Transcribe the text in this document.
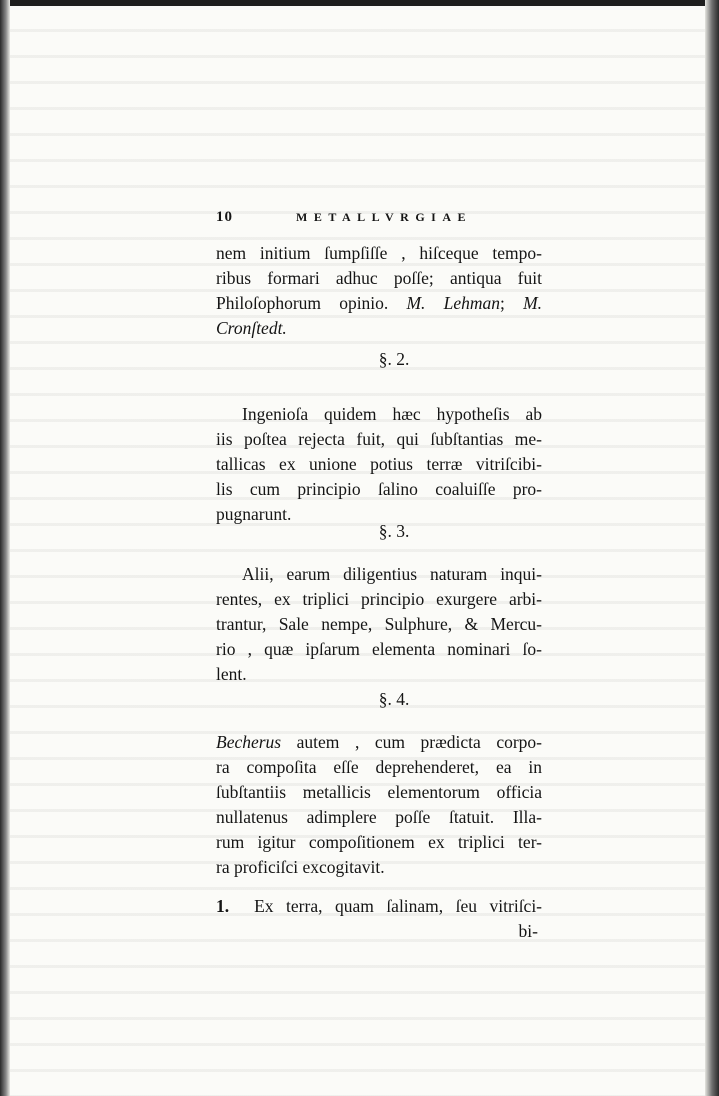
10	METALLVRGIAE
nem initium ſumpſiſſe , hiſceque tempo-
ribus formari adhuc poſſe; antiqua fuit
Philoſophorum opinio. M. Lehman; M.
Cronſtedt.
§. 2.
Ingenioſa quidem hæc hypotheſis ab
iis poſtea rejecta fuit, qui ſubſtantias me-
tallicas ex unione potius terræ vitriſcibi-
lis cum principio ſalino coaluiſſe pro-
pugnarunt.
§. 3.
Alii, earum diligentius naturam inqui-
rentes, ex triplici principio exurgere arbi-
trantur, Sale nempe, Sulphure, & Mercu-
rio , quæ ipſarum elementa nominari ſo-
lent.
§. 4.
Becherus autem , cum prædicta corpo-
ra compoſita eſſe deprehenderet, ea in
ſubſtantiis metallicis elementorum officia
nullatenus adimplere poſſe ſtatuit. Illa-
rum igitur compoſitionem ex triplici ter-
ra proficiſci excogitavit.
1. Ex terra, quam ſalinam, ſeu vitriſci-
bi-
